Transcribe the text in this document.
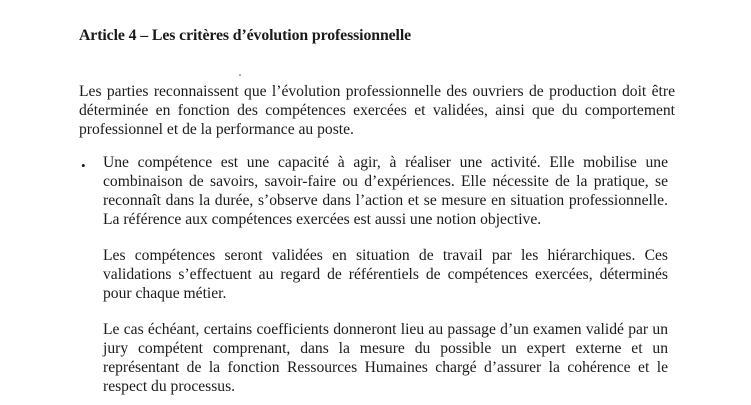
Article 4 – Les critères d’évolution professionnelle
Les parties reconnaissent que l’évolution professionnelle des ouvriers de production doit être déterminée en fonction des compétences exercées et validées, ainsi que du comportement professionnel et de la performance au poste.
• Une compétence est une capacité à agir, à réaliser une activité. Elle mobilise une combinaison de savoirs, savoir-faire ou d’expériences. Elle nécessite de la pratique, se reconnaît dans la durée, s’observe dans l’action et se mesure en situation professionnelle. La référence aux compétences exercées est aussi une notion objective.
Les compétences seront validées en situation de travail par les hiérarchiques. Ces validations s’effectuent au regard de référentiels de compétences exercées, déterminés pour chaque métier.
Le cas échéant, certains coefficients donneront lieu au passage d’un examen validé par un jury compétent comprenant, dans la mesure du possible un expert externe et un représentant de la fonction Ressources Humaines chargé d’assurer la cohérence et le respect du processus.
